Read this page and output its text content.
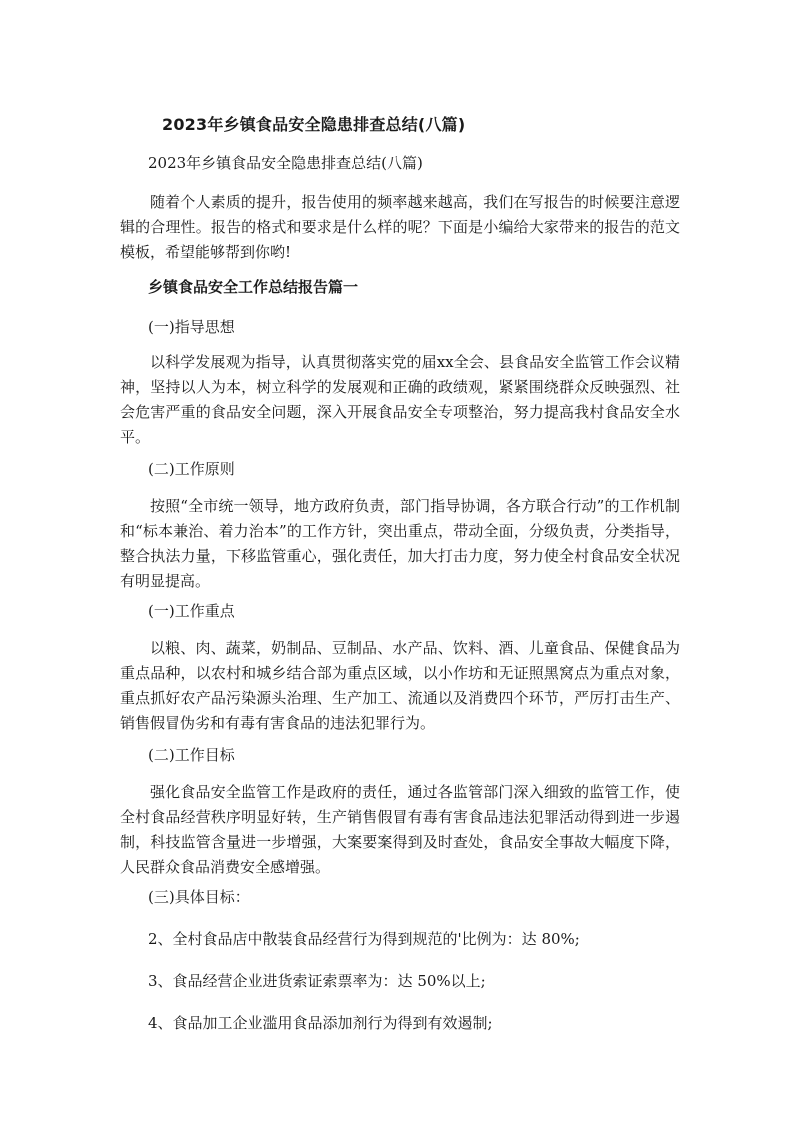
2023年乡镇食品安全隐患排查总结(八篇)
2023年乡镇食品安全隐患排查总结(八篇)
随着个人素质的提升，报告使用的频率越来越高，我们在写报告的时候要注意逻辑的合理性。报告的格式和要求是什么样的呢？下面是小编给大家带来的报告的范文模板，希望能够帮到你哟!
乡镇食品安全工作总结报告篇一
(一)指导思想
以科学发展观为指导，认真贯彻落实党的届xx全会、县食品安全监管工作会议精神，坚持以人为本，树立科学的发展观和正确的政绩观，紧紧围绕群众反映强烈、社会危害严重的食品安全问题，深入开展食品安全专项整治，努力提高我村食品安全水平。
(二)工作原则
按照“全市统一领导，地方政府负责，部门指导协调，各方联合行动”的工作机制和“标本兼治、着力治本”的工作方针，突出重点，带动全面，分级负责，分类指导，整合执法力量，下移监管重心，强化责任，加大打击力度，努力使全村食品安全状况有明显提高。
(一)工作重点
以粮、肉、蔬菜，奶制品、豆制品、水产品、饮料、酒、儿童食品、保健食品为重点品种，以农村和城乡结合部为重点区域，以小作坊和无证照黑窝点为重点对象，重点抓好农产品污染源头治理、生产加工、流通以及消费四个环节，严厉打击生产、销售假冒伪劣和有毒有害食品的违法犯罪行为。
(二)工作目标
强化食品安全监管工作是政府的责任，通过各监管部门深入细致的监管工作，使全村食品经营秩序明显好转，生产销售假冒有毒有害食品违法犯罪活动得到进一步遏制，科技监管含量进一步增强，大案要案得到及时查处，食品安全事故大幅度下降，人民群众食品消费安全感增强。
(三)具体目标：
2、全村食品店中散装食品经营行为得到规范的'比例为：达 80%;
3、食品经营企业进货索证索票率为：达 50%以上;
4、食品加工企业滥用食品添加剂行为得到有效遏制;
